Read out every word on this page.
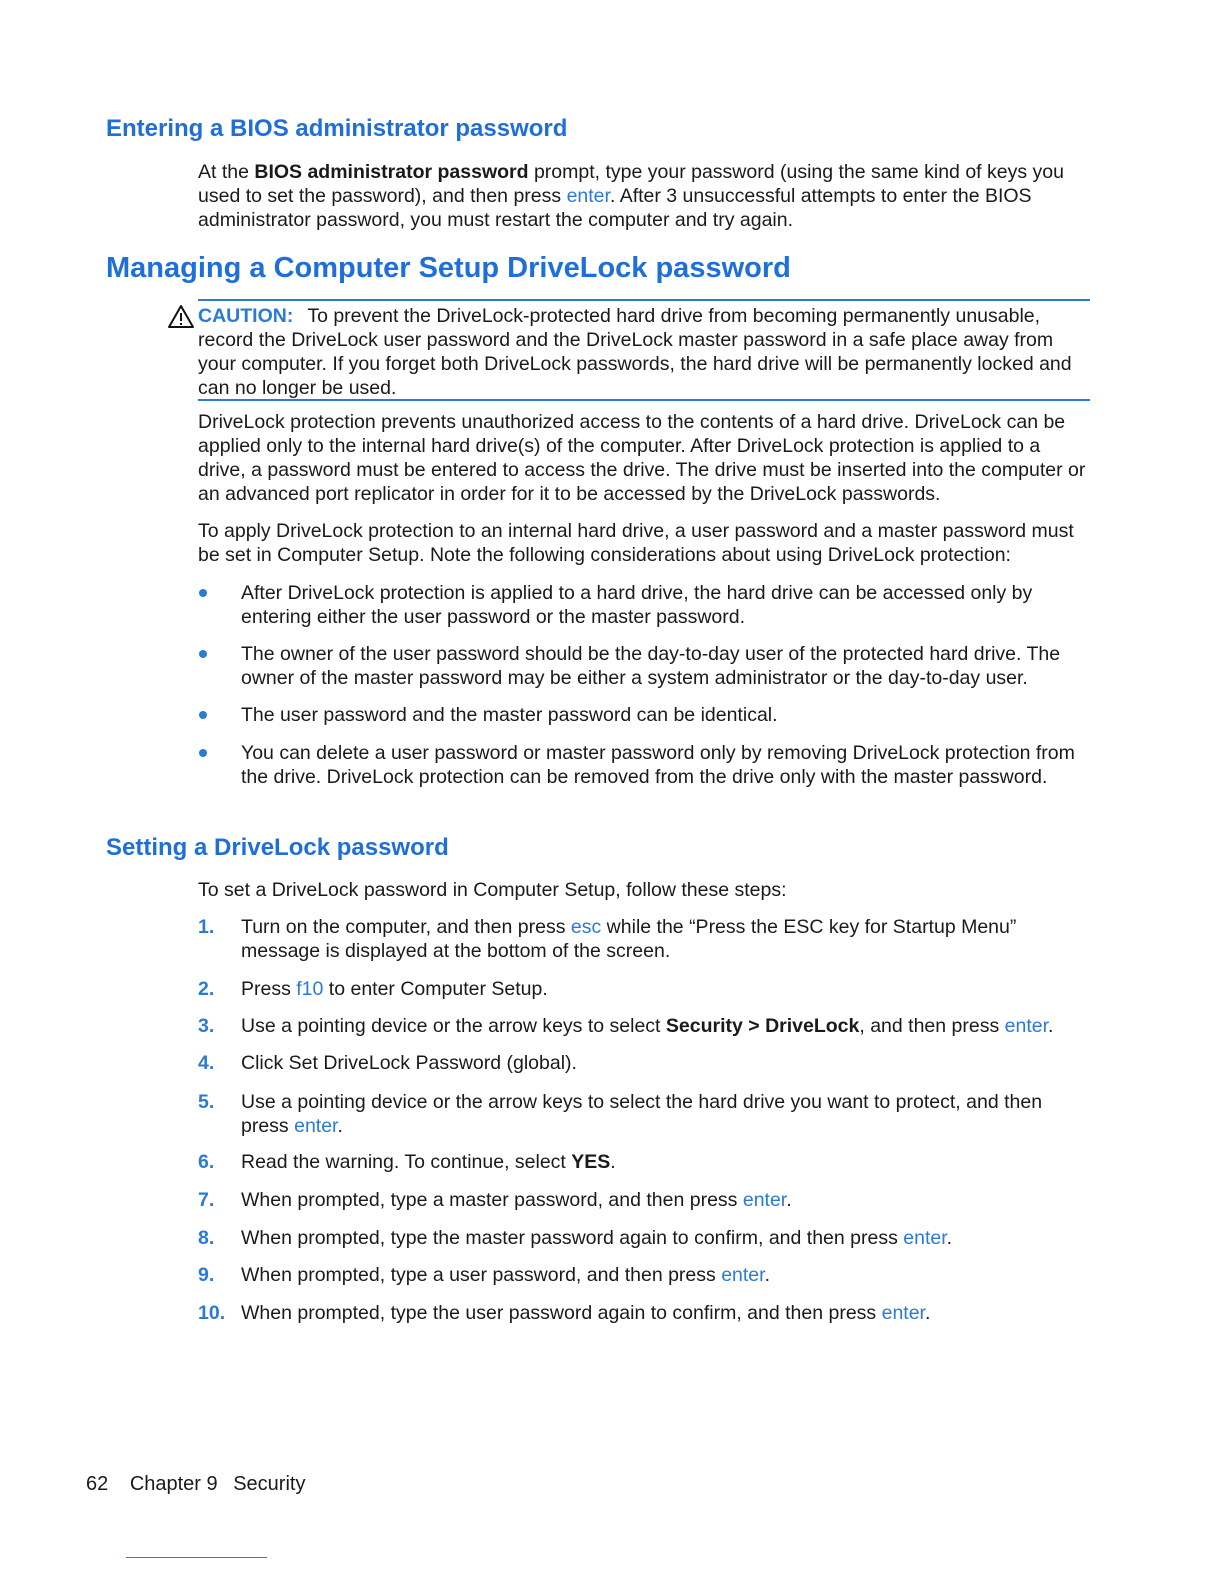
Entering a BIOS administrator password

At the BIOS administrator password prompt, type your password (using the same kind of keys you used to set the password), and then press enter. After 3 unsuccessful attempts to enter the BIOS administrator password, you must restart the computer and try again.

Managing a Computer Setup DriveLock password

CAUTION: To prevent the DriveLock-protected hard drive from becoming permanently unusable, record the DriveLock user password and the DriveLock master password in a safe place away from your computer. If you forget both DriveLock passwords, the hard drive will be permanently locked and can no longer be used.

DriveLock protection prevents unauthorized access to the contents of a hard drive. DriveLock can be applied only to the internal hard drive(s) of the computer. After DriveLock protection is applied to a drive, a password must be entered to access the drive. The drive must be inserted into the computer or an advanced port replicator in order for it to be accessed by the DriveLock passwords.

To apply DriveLock protection to an internal hard drive, a user password and a master password must be set in Computer Setup. Note the following considerations about using DriveLock protection:

After DriveLock protection is applied to a hard drive, the hard drive can be accessed only by entering either the user password or the master password.

The owner of the user password should be the day-to-day user of the protected hard drive. The owner of the master password may be either a system administrator or the day-to-day user.

The user password and the master password can be identical.

You can delete a user password or master password only by removing DriveLock protection from the drive. DriveLock protection can be removed from the drive only with the master password.

Setting a DriveLock password

To set a DriveLock password in Computer Setup, follow these steps:

1. Turn on the computer, and then press esc while the “Press the ESC key for Startup Menu” message is displayed at the bottom of the screen.

2. Press f10 to enter Computer Setup.

3. Use a pointing device or the arrow keys to select Security > DriveLock, and then press enter.

4. Click Set DriveLock Password (global).

5. Use a pointing device or the arrow keys to select the hard drive you want to protect, and then press enter.

6. Read the warning. To continue, select YES.

7. When prompted, type a master password, and then press enter.

8. When prompted, type the master password again to confirm, and then press enter.

9. When prompted, type a user password, and then press enter.

10. When prompted, type the user password again to confirm, and then press enter.

62 Chapter 9 Security
